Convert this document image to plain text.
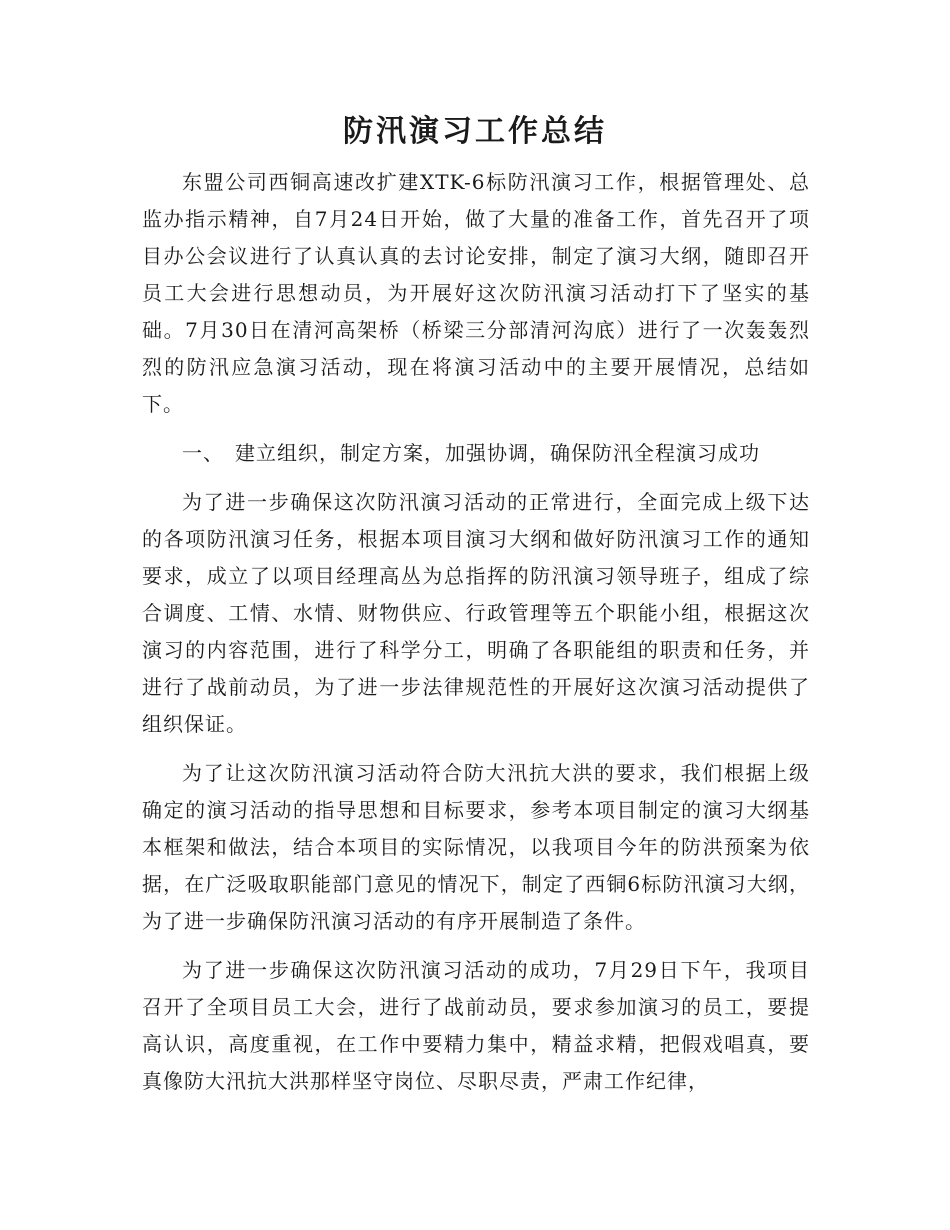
防汛演习工作总结

东盟公司西铜高速改扩建XTK-6标防汛演习工作，根据管理处、总监办指示精神，自7月24日开始，做了大量的准备工作，首先召开了项目办公会议进行了认真认真的去讨论安排，制定了演习大纲，随即召开员工大会进行思想动员，为开展好这次防汛演习活动打下了坚实的基础。7月30日在清河高架桥（桥梁三分部清河沟底）进行了一次轰轰烈烈的防汛应急演习活动，现在将演习活动中的主要开展情况，总结如下。

一、　建立组织，制定方案，加强协调，确保防汛全程演习成功

为了进一步确保这次防汛演习活动的正常进行，全面完成上级下达的各项防汛演习任务，根据本项目演习大纲和做好防汛演习工作的通知要求，成立了以项目经理高丛为总指挥的防汛演习领导班子，组成了综合调度、工情、水情、财物供应、行政管理等五个职能小组，根据这次演习的内容范围，进行了科学分工，明确了各职能组的职责和任务，并进行了战前动员，为了进一步法律规范性的开展好这次演习活动提供了组织保证。

为了让这次防汛演习活动符合防大汛抗大洪的要求，我们根据上级确定的演习活动的指导思想和目标要求，参考本项目制定的演习大纲基本框架和做法，结合本项目的实际情况，以我项目今年的防洪预案为依据，在广泛吸取职能部门意见的情况下，制定了西铜6标防汛演习大纲，为了进一步确保防汛演习活动的有序开展制造了条件。

为了进一步确保这次防汛演习活动的成功，7月29日下午，我项目召开了全项目员工大会，进行了战前动员，要求参加演习的员工，要提高认识，高度重视，在工作中要精力集中，精益求精，把假戏唱真，要真像防大汛抗大洪那样坚守岗位、尽职尽责，严肃工作纪律，
